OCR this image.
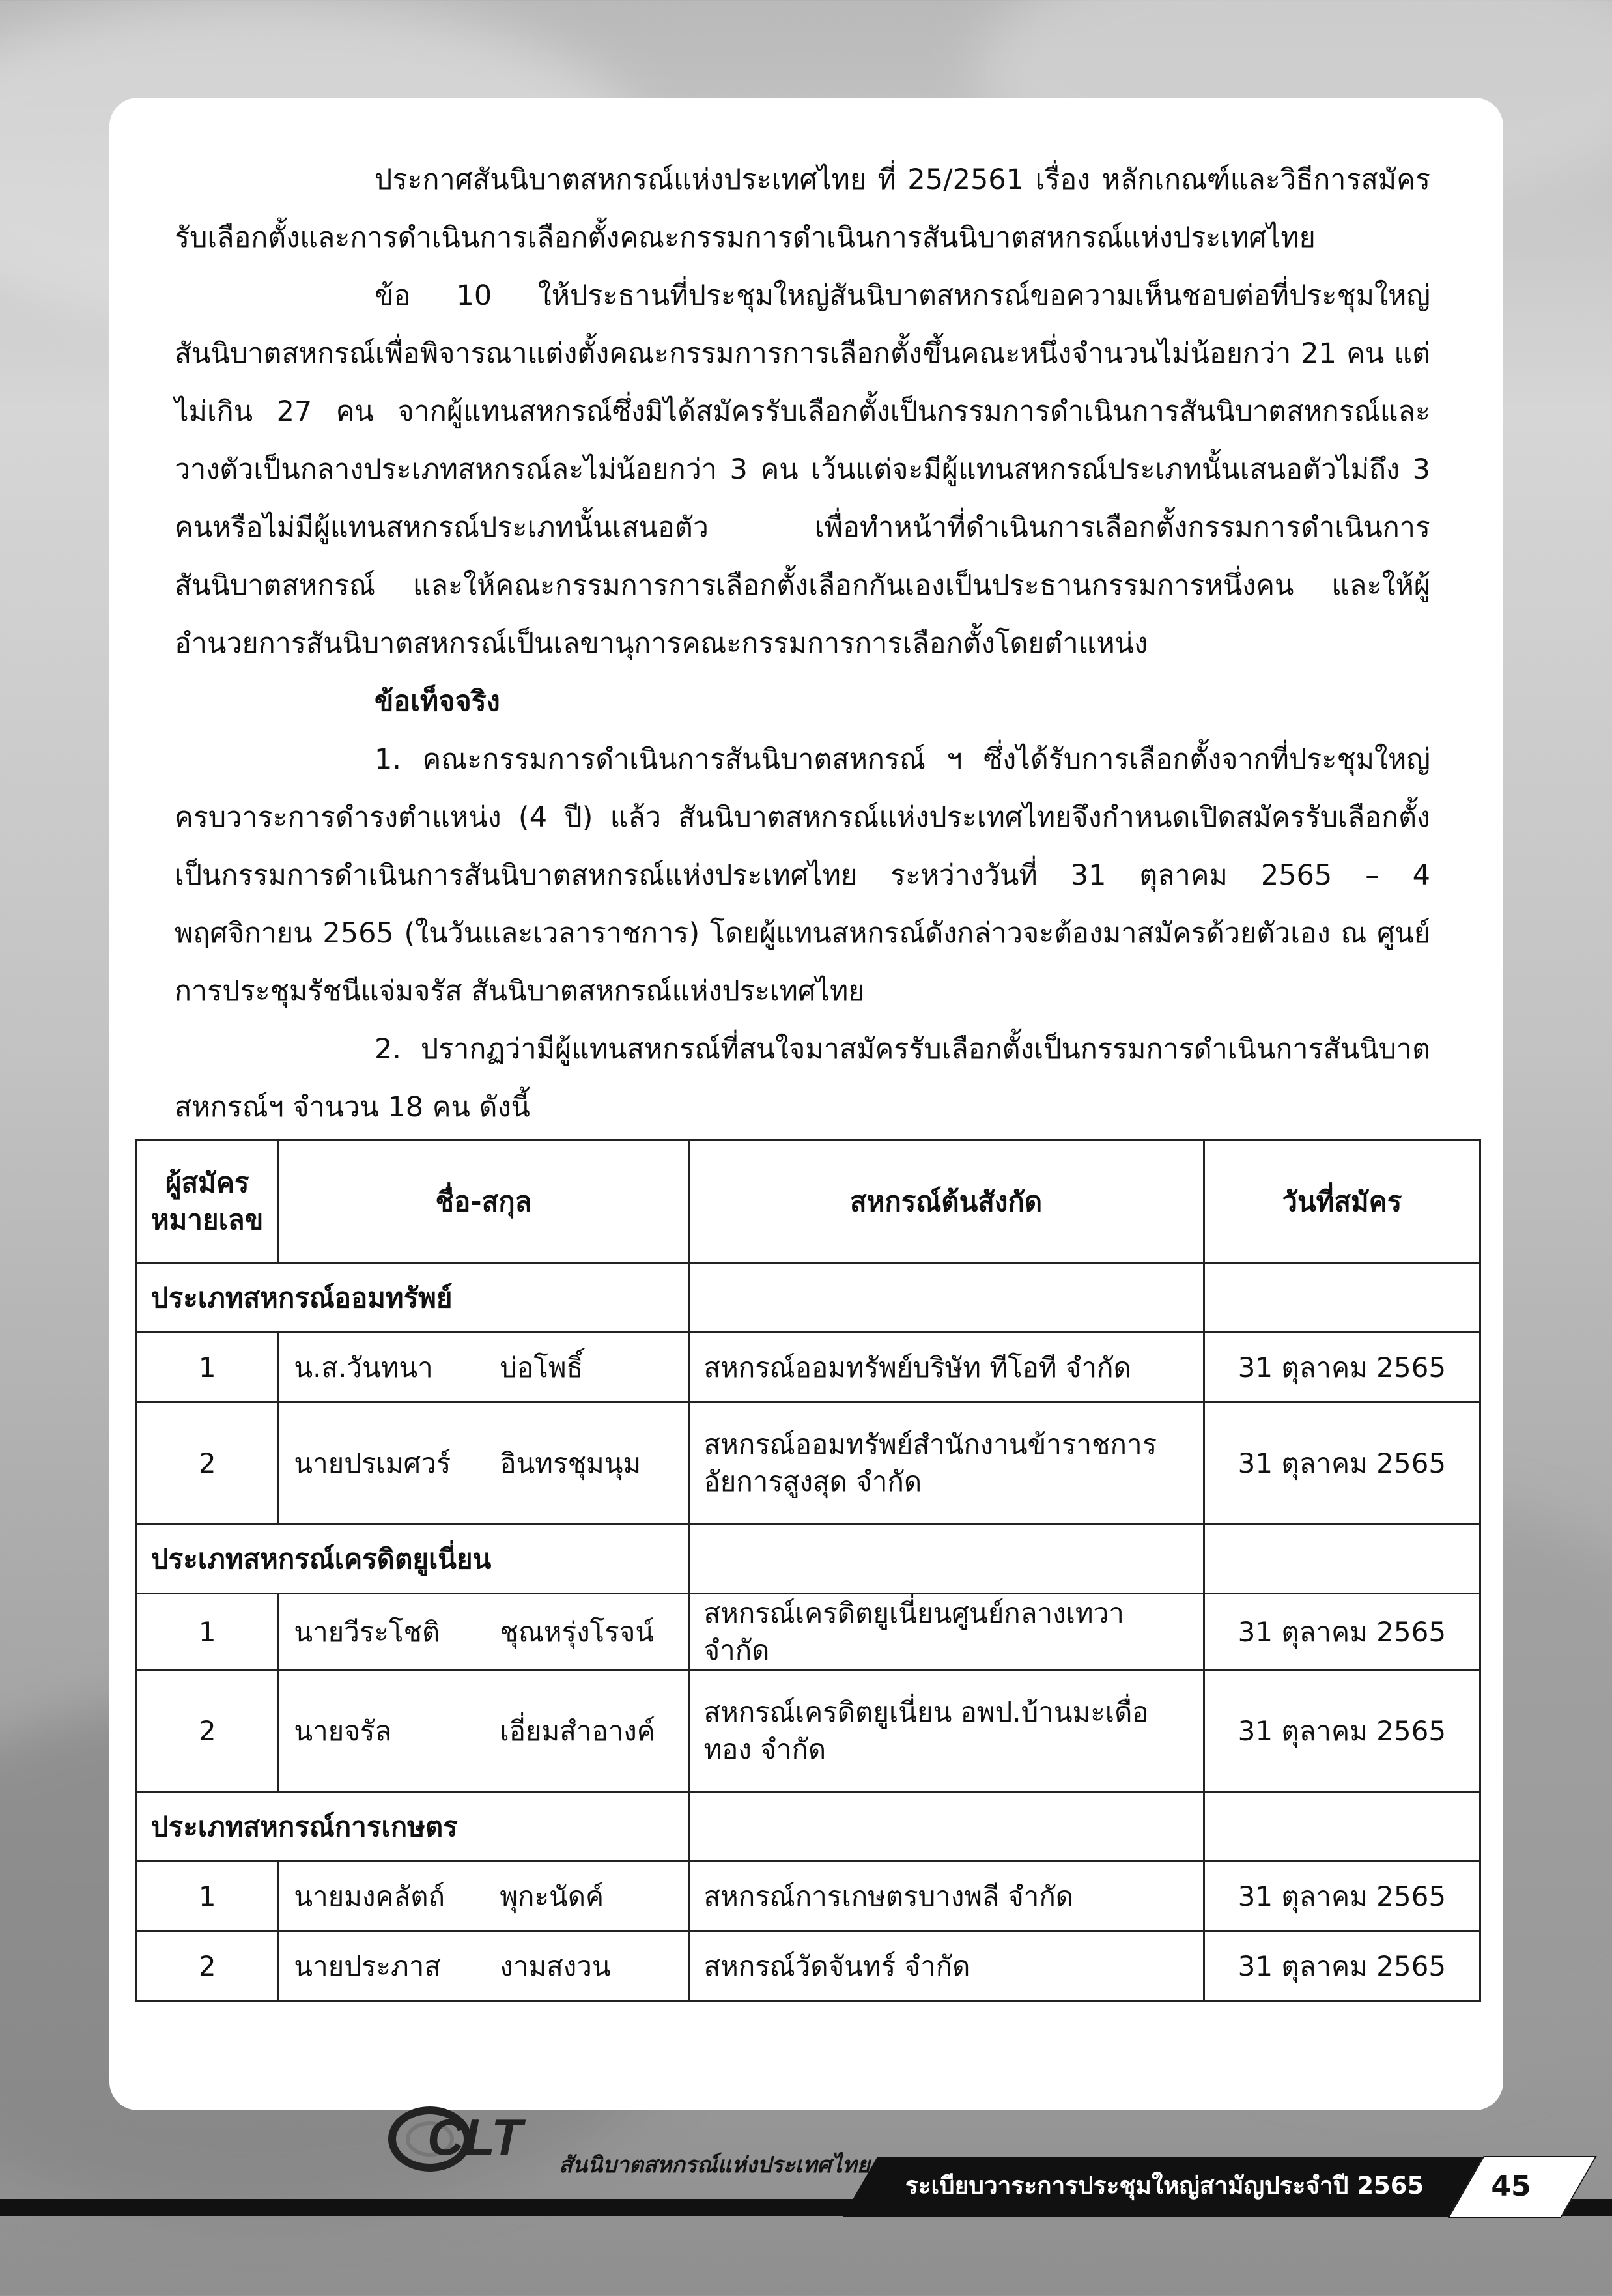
ประกาศสันนิบาตสหกรณ์แห่งประเทศไทย ที่ 25/2561 เรื่อง หลักเกณฑ์และวิธีการสมัครรับเลือกตั้งและการดำเนินการเลือกตั้งคณะกรรมการดำเนินการสันนิบาตสหกรณ์แห่งประเทศไทย

ข้อ 10 ให้ประธานที่ประชุมใหญ่สันนิบาตสหกรณ์ขอความเห็นชอบต่อที่ประชุมใหญ่สันนิบาตสหกรณ์เพื่อพิจารณาแต่งตั้งคณะกรรมการการเลือกตั้งขึ้นคณะหนึ่งจำนวนไม่น้อยกว่า 21 คน แต่ไม่เกิน 27 คน จากผู้แทนสหกรณ์ซึ่งมิได้สมัครรับเลือกตั้งเป็นกรรมการดำเนินการสันนิบาตสหกรณ์และวางตัวเป็นกลางประเภทสหกรณ์ละไม่น้อยกว่า 3 คน เว้นแต่จะมีผู้แทนสหกรณ์ประเภทนั้นเสนอตัวไม่ถึง 3 คนหรือไม่มีผู้แทนสหกรณ์ประเภทนั้นเสนอตัว เพื่อทำหน้าที่ดำเนินการเลือกตั้งกรรมการดำเนินการสันนิบาตสหกรณ์ และให้คณะกรรมการการเลือกตั้งเลือกกันเองเป็นประธานกรรมการหนึ่งคน และให้ผู้อำนวยการสันนิบาตสหกรณ์เป็นเลขานุการคณะกรรมการการเลือกตั้งโดยตำแหน่ง

ข้อเท็จจริง

1. คณะกรรมการดำเนินการสันนิบาตสหกรณ์ ฯ ซึ่งได้รับการเลือกตั้งจากที่ประชุมใหญ่ครบวาระการดำรงตำแหน่ง (4 ปี) แล้ว สันนิบาตสหกรณ์แห่งประเทศไทยจึงกำหนดเปิดสมัครรับเลือกตั้งเป็นกรรมการดำเนินการสันนิบาตสหกรณ์แห่งประเทศไทย ระหว่างวันที่ 31 ตุลาคม 2565 – 4 พฤศจิกายน 2565 (ในวันและเวลาราชการ) โดยผู้แทนสหกรณ์ดังกล่าวจะต้องมาสมัครด้วยตัวเอง ณ ศูนย์การประชุมรัชนีแจ่มจรัส สันนิบาตสหกรณ์แห่งประเทศไทย

2. ปรากฏว่ามีผู้แทนสหกรณ์ที่สนใจมาสมัครรับเลือกตั้งเป็นกรรมการดำเนินการสันนิบาตสหกรณ์ฯ จำนวน 18 คน ดังนี้

ผู้สมัคร
หมายเลข	ชื่อ-สกุล	สหกรณ์ต้นสังกัด	วันที่สมัคร
ประเภทสหกรณ์ออมทรัพย์			
1	น.ส.วันทนา บ่อโพธิ์	สหกรณ์ออมทรัพย์บริษัท ทีโอที จำกัด	31 ตุลาคม 2565
2	นายปรเมศวร์ อินทรชุมนุม	สหกรณ์ออมทรัพย์สำนักงานข้าราชการอัยการสูงสุด จำกัด	31 ตุลาคม 2565
ประเภทสหกรณ์เครดิตยูเนี่ยน			
1	นายวีระโชติ ชุณหรุ่งโรจน์	สหกรณ์เครดิตยูเนี่ยนศูนย์กลางเทวา จำกัด	31 ตุลาคม 2565
2	นายจรัล เอี่ยมสำอางค์	สหกรณ์เครดิตยูเนี่ยน อพป.บ้านมะเดื่อทอง จำกัด	31 ตุลาคม 2565
ประเภทสหกรณ์การเกษตร			
1	นายมงคลัตถ์ พุกะนัดค์	สหกรณ์การเกษตรบางพลี จำกัด	31 ตุลาคม 2565
2	นายประภาส งามสงวน	สหกรณ์วัดจันทร์ จำกัด	31 ตุลาคม 2565
ระเบียบวาระการประชุมใหญ่สามัญประจำปี 2565	45
CLT สันนิบาตสหกรณ์แห่งประเทศไทย
